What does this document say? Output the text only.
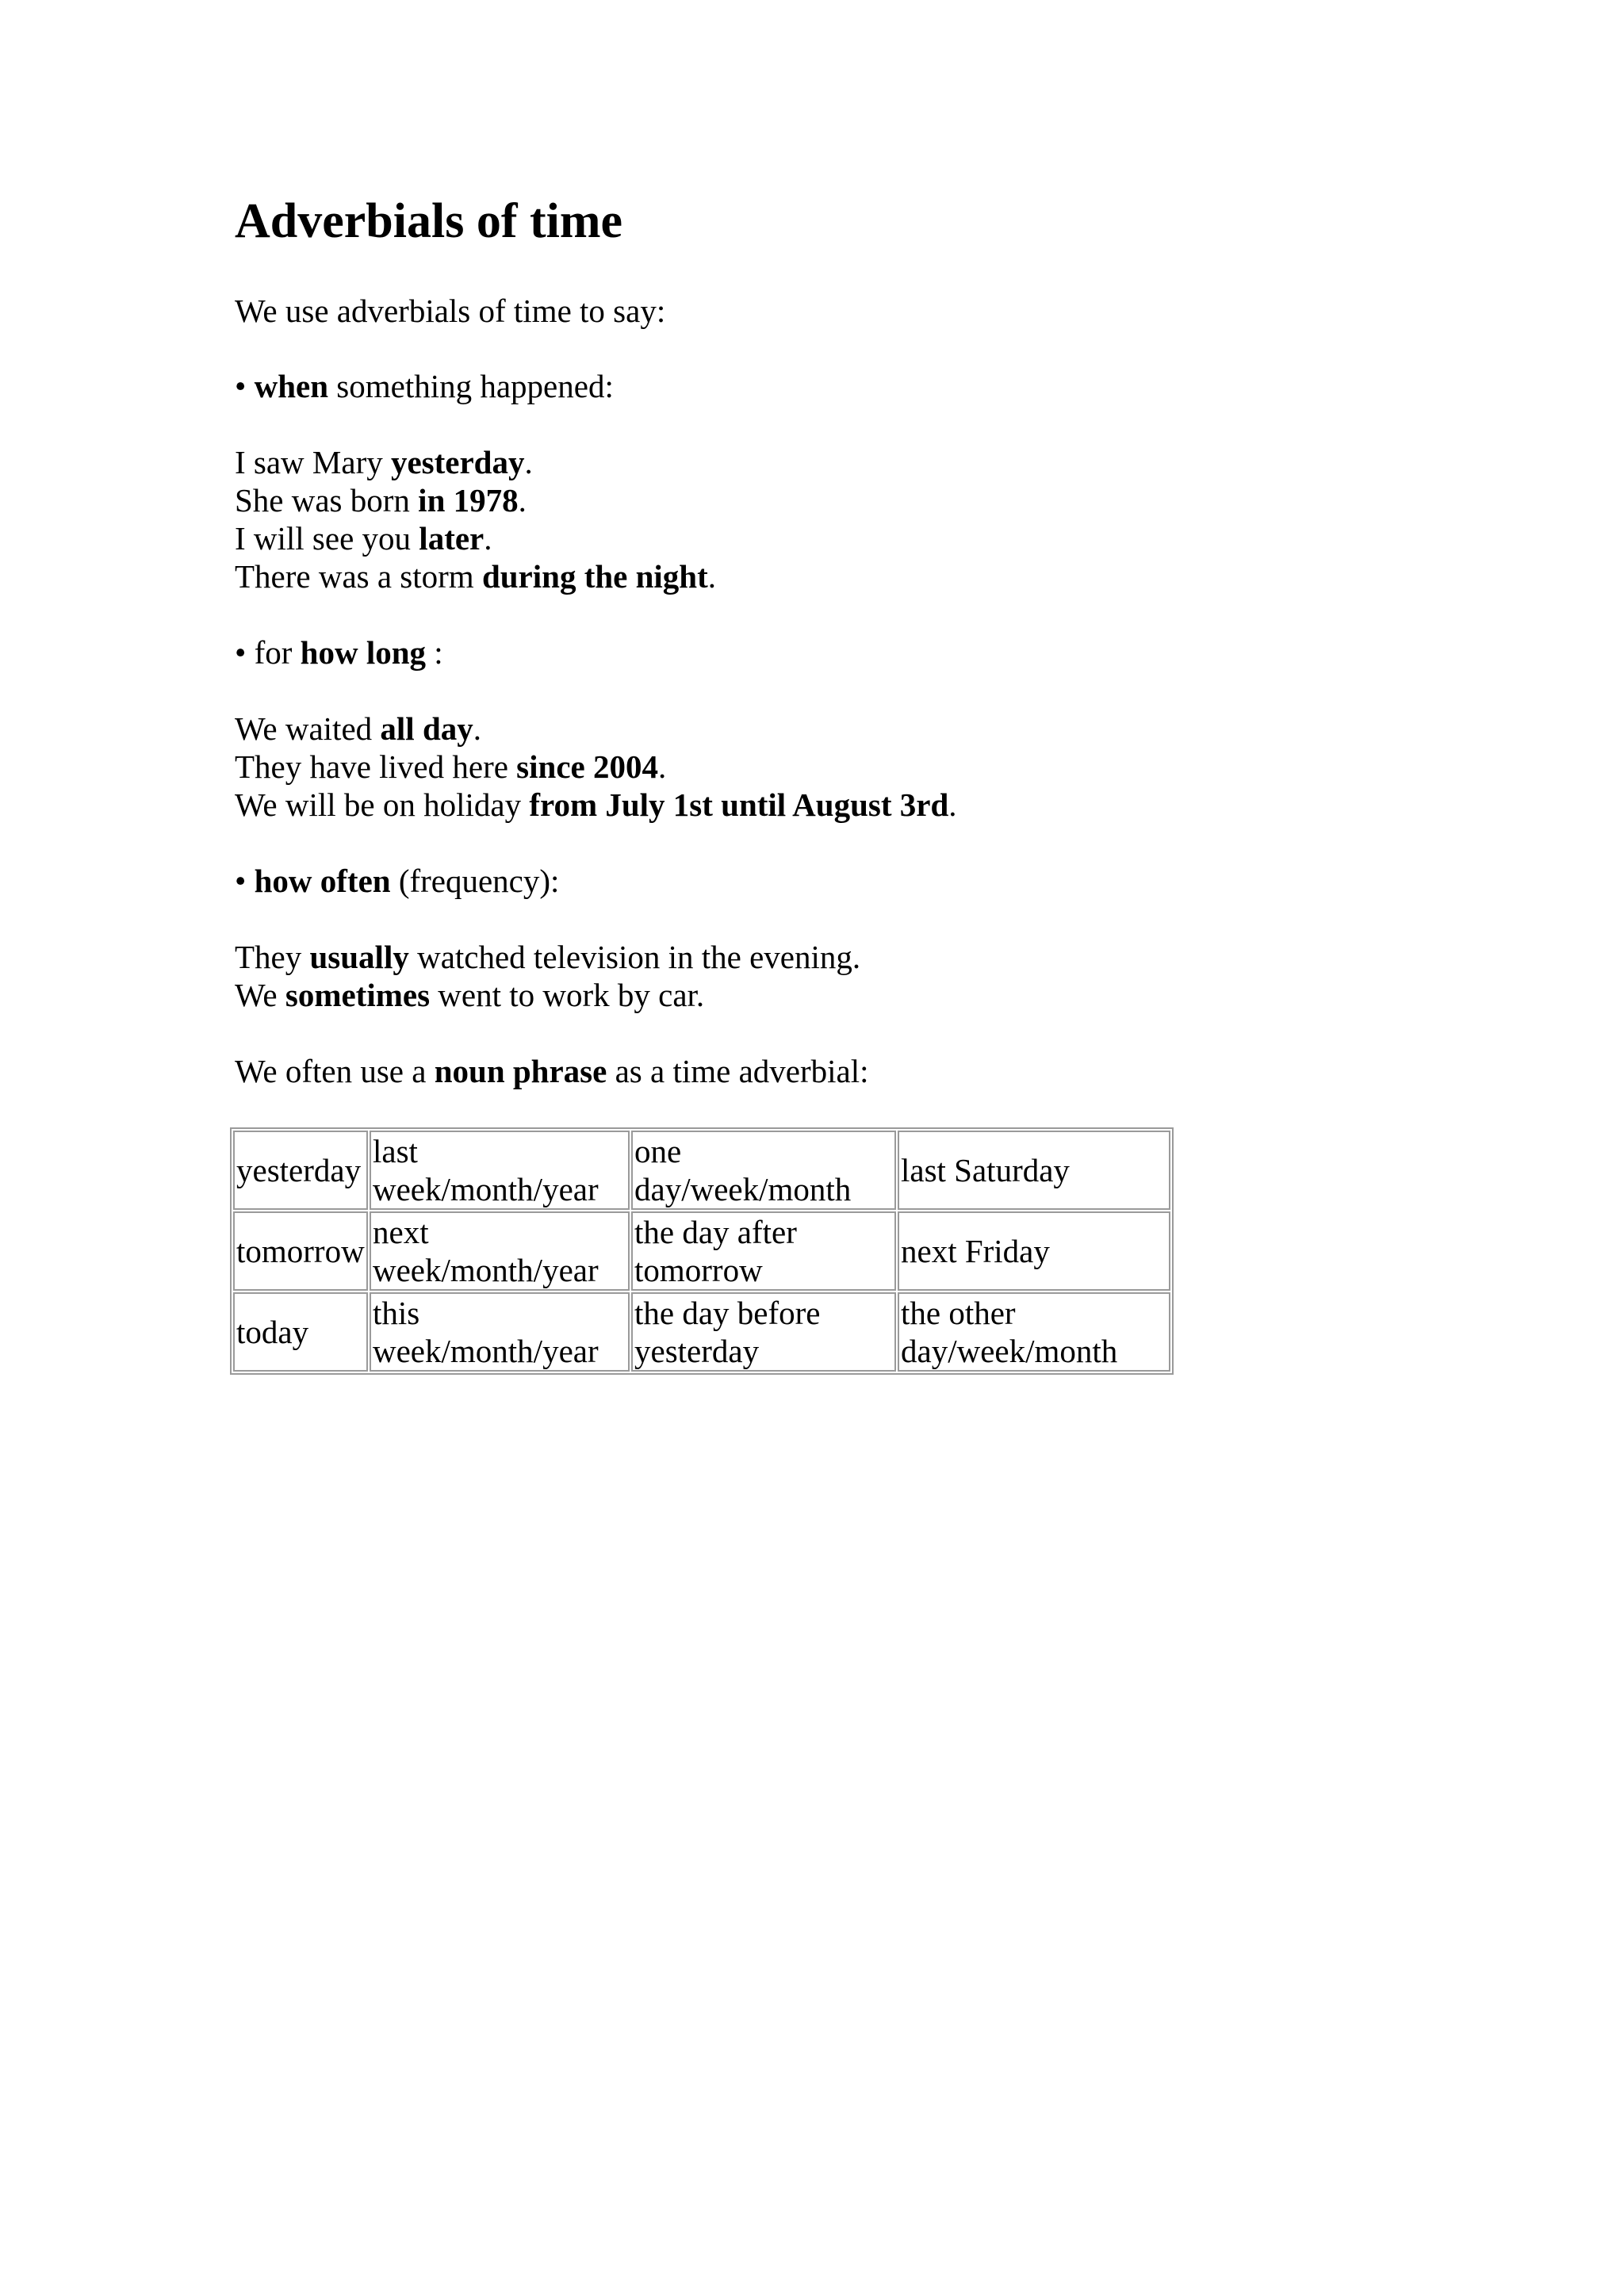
Adverbials of time

We use adverbials of time to say:

• when something happened:

I saw Mary yesterday.

She was born in 1978.

I will see you later.

There was a storm during the night.

• for how long :

We waited all day.

They have lived here since 2004.

We will be on holiday from July 1st until August 3rd.

• how often (frequency):

They usually watched television in the evening.

We sometimes went to work by car.

We often use a noun phrase as a time adverbial:

yesterday	last week/month/year	one day/week/month	last Saturday
tomorrow	next week/month/year	the day after tomorrow	next Friday
today	this week/month/year	the day before yesterday	the other day/week/month
